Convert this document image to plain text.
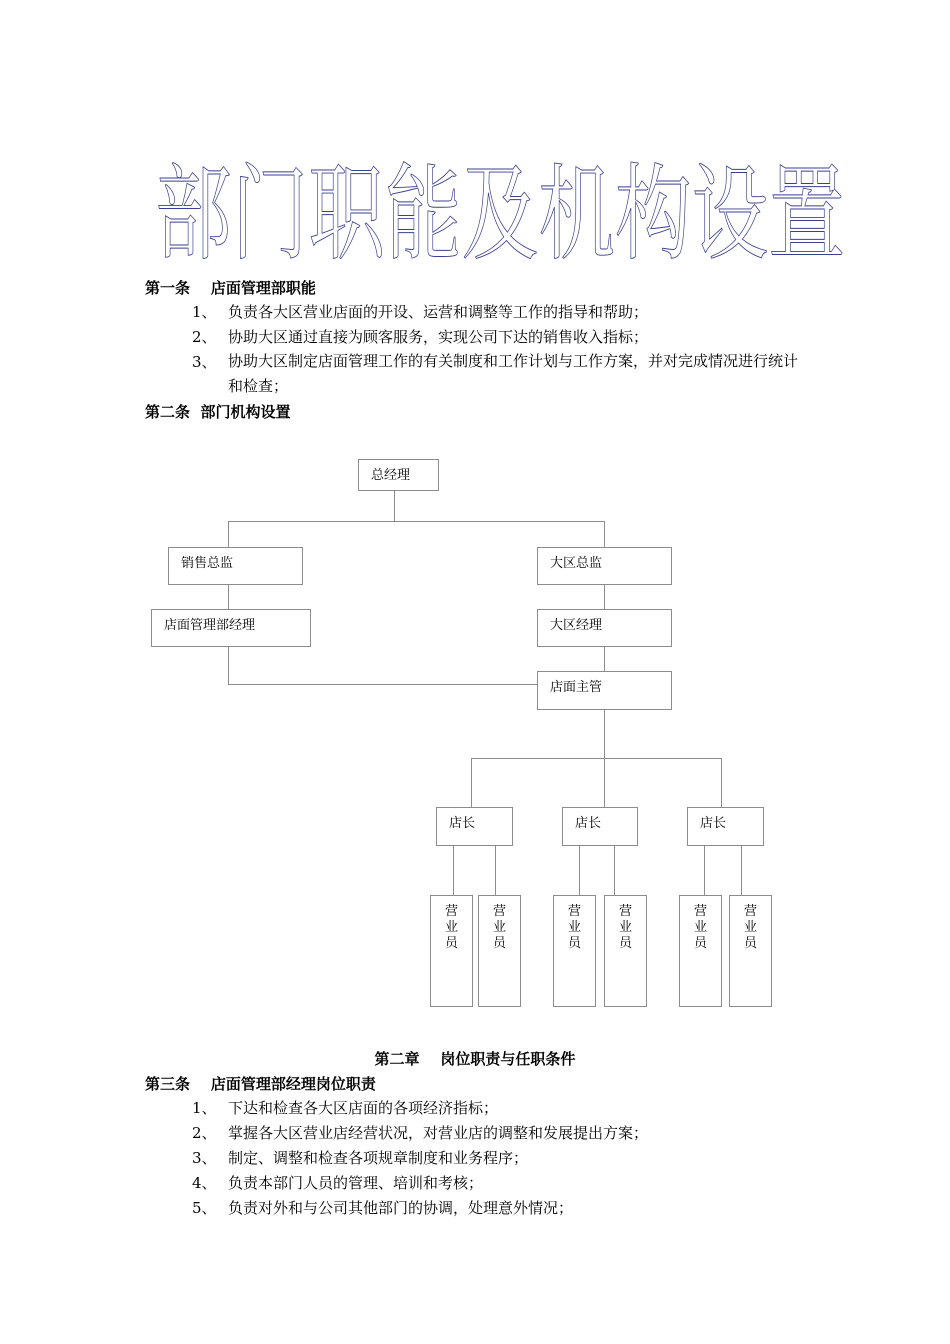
部门职能及机构设置
第一条    店面管理部职能
1、 负责各大区营业店面的开设、运营和调整等工作的指导和帮助；
2、 协助大区通过直接为顾客服务，实现公司下达的销售收入指标；
3、 协助大区制定店面管理工作的有关制度和工作计划与工作方案，并对完成情况进行统计和检查；
第二条  部门机构设置
总经理
销售总监	大区总监
店面管理部经理	大区经理
店面主管
店长	店长	店长
营业员
营业员
营业员
营业员
营业员
营业员
第二章    岗位职责与任职条件
第三条    店面管理部经理岗位职责
1、 下达和检查各大区店面的各项经济指标；
2、 掌握各大区营业店经营状况，对营业店的调整和发展提出方案；
3、 制定、调整和检查各项规章制度和业务程序；
4、 负责本部门人员的管理、培训和考核；
5、 负责对外和与公司其他部门的协调，处理意外情况；
